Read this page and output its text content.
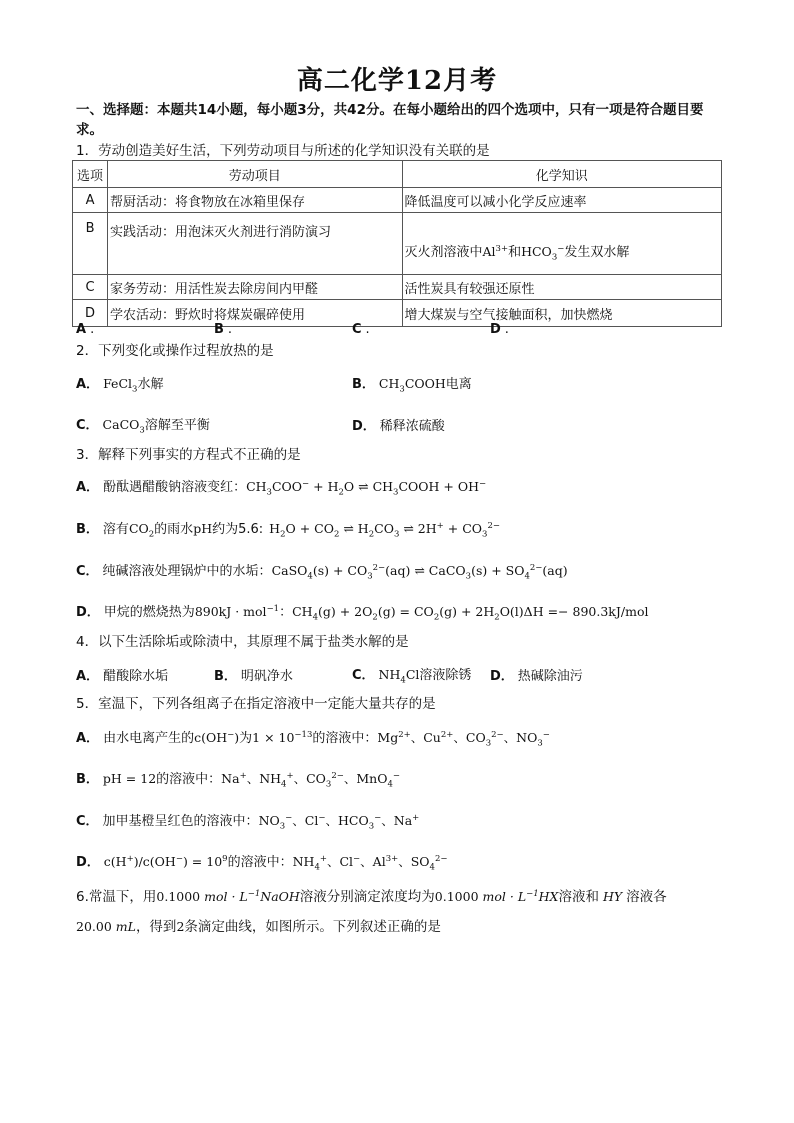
高二化学12月考
一、选择题：本题共14小题，每小题3分，共42分。在每小题给出的四个选项中，只有一项是符合题目要求。
1．劳动创造美好生活，下列劳动项目与所述的化学知识没有关联的是
选项	劳动项目	化学知识
A	帮厨活动：将食物放在冰箱里保存	降低温度可以减小化学反应速率
B	实践活动：用泡沫灭火剂进行消防演习	灭火剂溶液中$Al^{3+}$和$HCO_3^-$发生双水解
C	家务劳动：用活性炭去除房间内甲醛	活性炭具有较强还原性
D	学农活动：野炊时将煤炭碾碎使用	增大煤炭与空气接触面积，加快燃烧
A .	B .	C .	D .
2．下列变化或操作过程放热的是
A． FeCl$_3$水解	B． $CH_3COOH$电离
C． CaCO$_3$溶解至平衡	D． 稀释浓硫酸
3．解释下列事实的方程式不正确的是
A． 酚酞遇醋酸钠溶液变红：$CH_3COO^- + H_2O$ ⇌ $CH_3COOH + OH^-$
B． 溶有$CO_2$的雨水pH约为5.6: $H_2O + CO_2$ ⇌ $H_2CO_3$ ⇌ $2H^+ + CO_3^{2-}$
C． 纯碱溶液处理锅炉中的水垢：CaSO$_4$(s) + $CO_3^{2-}(aq)$ ⇌ CaCO$_3$(s) + $SO_4^{2-}(aq)$
D． 甲烷的燃烧热为890kJ · mol$^{-1}$：$CH_4(g) + 2O_2(g) = CO_2(g) + 2H_2O(l)\Delta H =- 890.3kJ/mol$
4．以下生活除垢或除渍中，其原理不属于盐类水解的是
A． 醋酸除水垢	B． 明矾净水	C． $NH_4Cl$溶液除锈 D． 热碱除油污
5．室温下，下列各组离子在指定溶液中一定能大量共存的是
A． 由水电离产生的c(OH−)为$1 \times 10^{-13}$的溶液中：$Mg^{2+}$、$Cu^{2+}$、$CO_3^{2-}$、$NO_3^-$
B． pH = 12的溶液中：Na+、$NH_4^+$、$CO_3^{2-}$、MnO$_4$−
C． 加甲基橙呈红色的溶液中：$NO_3^-$、Cl−、$HCO_3^-$、Na+
D． $c(H^+)/c(OH^-) = 10^9$的溶液中：$NH_4^+$、Cl−、$Al^{3+}$、$SO_4^{2-}$
6.常温下，用0.1000 mol · $L^{-1}NaOH$溶液分别滴定浓度均为0.1000 mol · $L^{-1}HX$溶液和 HY 溶液各
20.00 mL，得到2条滴定曲线，如图所示。下列叙述正确的是
